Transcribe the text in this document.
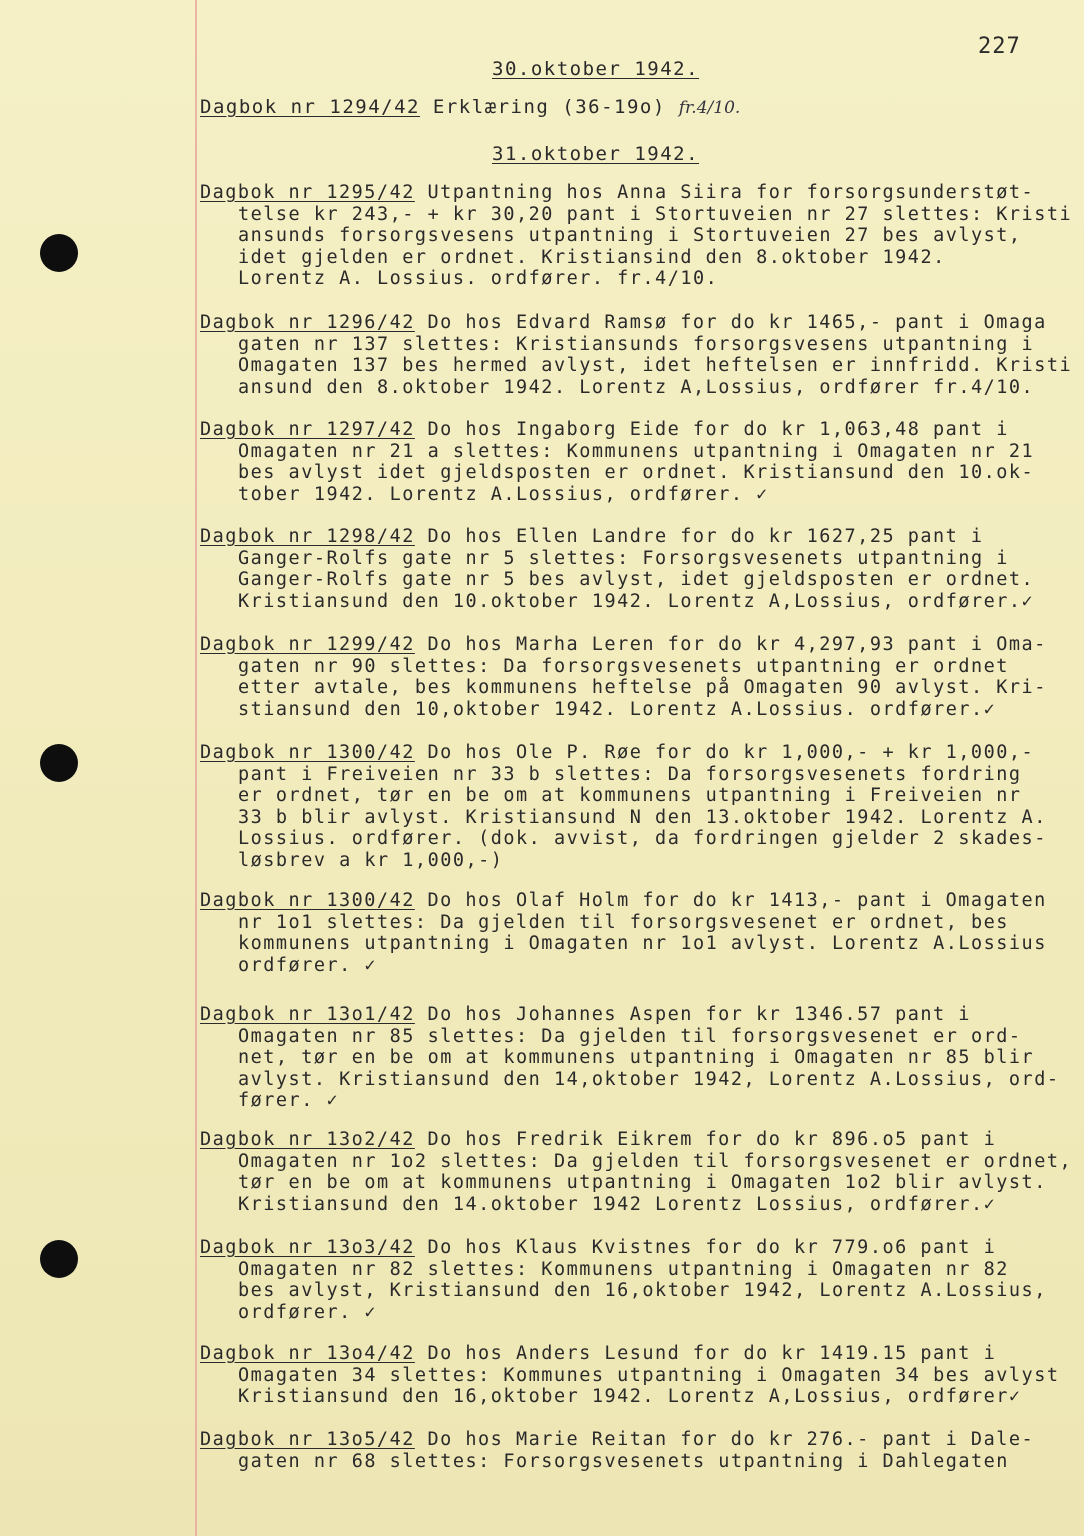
227
30.oktober 1942.
Dagbok nr 1294/42 Erklæring (36-19o) fr.4/10.
31.oktober 1942.
Dagbok nr 1295/42 Utpantning hos Anna Siira for forsorgsunderstøt-
telse kr 243,- + kr 30,20 pant i Stortuveien nr 27 slettes: Kristi
ansunds forsorgsvesens utpantning i Stortuveien 27 bes avlyst,
idet gjelden er ordnet. Kristiansind den 8.oktober 1942.
Lorentz A. Lossius. ordfører. fr.4/10.
Dagbok nr 1296/42 Do hos Edvard Ramsø for do kr 1465,- pant i Omaga
gaten nr 137 slettes: Kristiansunds forsorgsvesens utpantning i
Omagaten 137 bes hermed avlyst, idet heftelsen er innfridd. Kristi
ansund den 8.oktober 1942. Lorentz A,Lossius, ordfører fr.4/10.
Dagbok nr 1297/42 Do hos Ingaborg Eide for do kr 1,063,48 pant i
Omagaten nr 21 a slettes: Kommunens utpantning i Omagaten nr 21
bes avlyst idet gjeldsposten er ordnet. Kristiansund den 10.ok-
tober 1942. Lorentz A.Lossius, ordfører. ✓
Dagbok nr 1298/42 Do hos Ellen Landre for do kr 1627,25 pant i
Ganger-Rolfs gate nr 5 slettes: Forsorgsvesenets utpantning i
Ganger-Rolfs gate nr 5 bes avlyst, idet gjeldsposten er ordnet.
Kristiansund den 10.oktober 1942. Lorentz A,Lossius, ordfører.✓
Dagbok nr 1299/42 Do hos Marha Leren for do kr 4,297,93 pant i Oma-
gaten nr 90 slettes: Da forsorgsvesenets utpantning er ordnet
etter avtale, bes kommunens heftelse på Omagaten 90 avlyst. Kri-
stiansund den 10,oktober 1942. Lorentz A.Lossius. ordfører.✓
Dagbok nr 1300/42 Do hos Ole P. Røe for do kr 1,000,- + kr 1,000,-
pant i Freiveien nr 33 b slettes: Da forsorgsvesenets fordring
er ordnet, tør en be om at kommunens utpantning i Freiveien nr
33 b blir avlyst. Kristiansund N den 13.oktober 1942. Lorentz A.
Lossius. ordfører. (dok. avvist, da fordringen gjelder 2 skades-
løsbrev a kr 1,000,-)
Dagbok nr 1300/42 Do hos Olaf Holm for do kr 1413,- pant i Omagaten
nr 1o1 slettes: Da gjelden til forsorgsvesenet er ordnet, bes
kommunens utpantning i Omagaten nr 1o1 avlyst. Lorentz A.Lossius
ordfører. ✓
Dagbok nr 13o1/42 Do hos Johannes Aspen for kr 1346.57 pant i
Omagaten nr 85 slettes: Da gjelden til forsorgsvesenet er ord-
net, tør en be om at kommunens utpantning i Omagaten nr 85 blir
avlyst. Kristiansund den 14,oktober 1942, Lorentz A.Lossius, ord-
fører. ✓
Dagbok nr 13o2/42 Do hos Fredrik Eikrem for do kr 896.o5 pant i
Omagaten nr 1o2 slettes: Da gjelden til forsorgsvesenet er ordnet,
tør en be om at kommunens utpantning i Omagaten 1o2 blir avlyst.
Kristiansund den 14.oktober 1942 Lorentz Lossius, ordfører.✓
Dagbok nr 13o3/42 Do hos Klaus Kvistnes for do kr 779.o6 pant i
Omagaten nr 82 slettes: Kommunens utpantning i Omagaten nr 82
bes avlyst, Kristiansund den 16,oktober 1942, Lorentz A.Lossius,
ordfører. ✓
Dagbok nr 13o4/42 Do hos Anders Lesund for do kr 1419.15 pant i
Omagaten 34 slettes: Kommunes utpantning i Omagaten 34 bes avlyst
Kristiansund den 16,oktober 1942. Lorentz A,Lossius, ordfører✓
Dagbok nr 13o5/42 Do hos Marie Reitan for do kr 276.- pant i Dale-
gaten nr 68 slettes: Forsorgsvesenets utpantning i Dahlegaten
